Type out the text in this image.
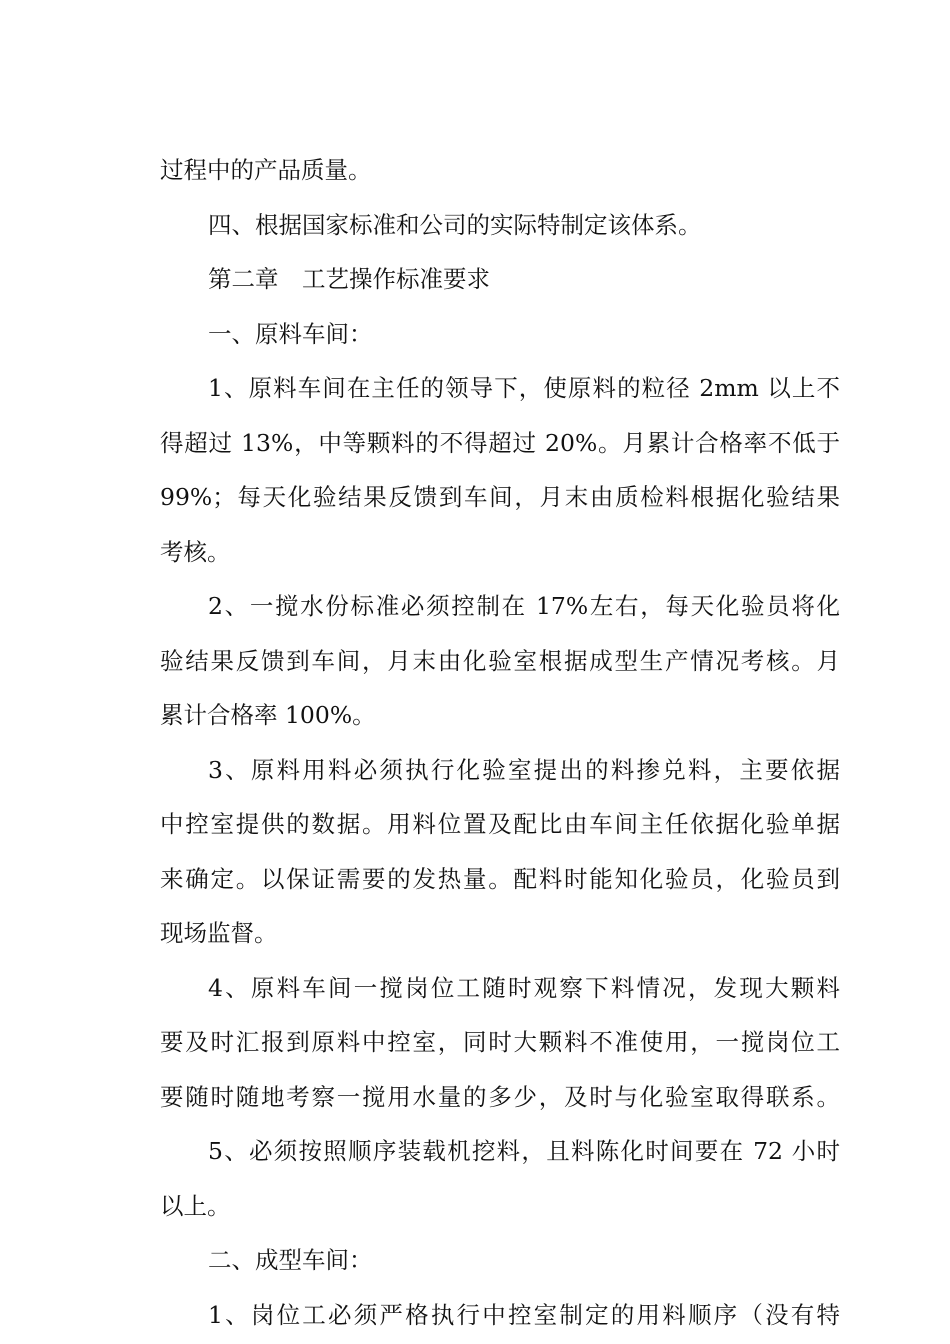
过程中的产品质量。
四、根据国家标准和公司的实际特制定该体系。
第二章　工艺操作标准要求
一、原料车间：
1、原料车间在主任的领导下，使原料的粒径 2mm 以上不
得超过 13%，中等颗料的不得超过 20%。月累计合格率不低于
99%；每天化验结果反馈到车间，月末由质检料根据化验结果
考核。
2、一搅水份标准必须控制在 17%左右，每天化验员将化
验结果反馈到车间，月末由化验室根据成型生产情况考核。月
累计合格率 100%。
3、原料用料必须执行化验室提出的料掺兑料，主要依据
中控室提供的数据。用料位置及配比由车间主任依据化验单据
来确定。以保证需要的发热量。配料时能知化验员，化验员到
现场监督。
4、原料车间一搅岗位工随时观察下料情况，发现大颗料
要及时汇报到原料中控室，同时大颗料不准使用，一搅岗位工
要随时随地考察一搅用水量的多少，及时与化验室取得联系。
5、必须按照顺序装载机挖料，且料陈化时间要在 72 小时
以上。
二、成型车间：
1、岗位工必须严格执行中控室制定的用料顺序（没有特
